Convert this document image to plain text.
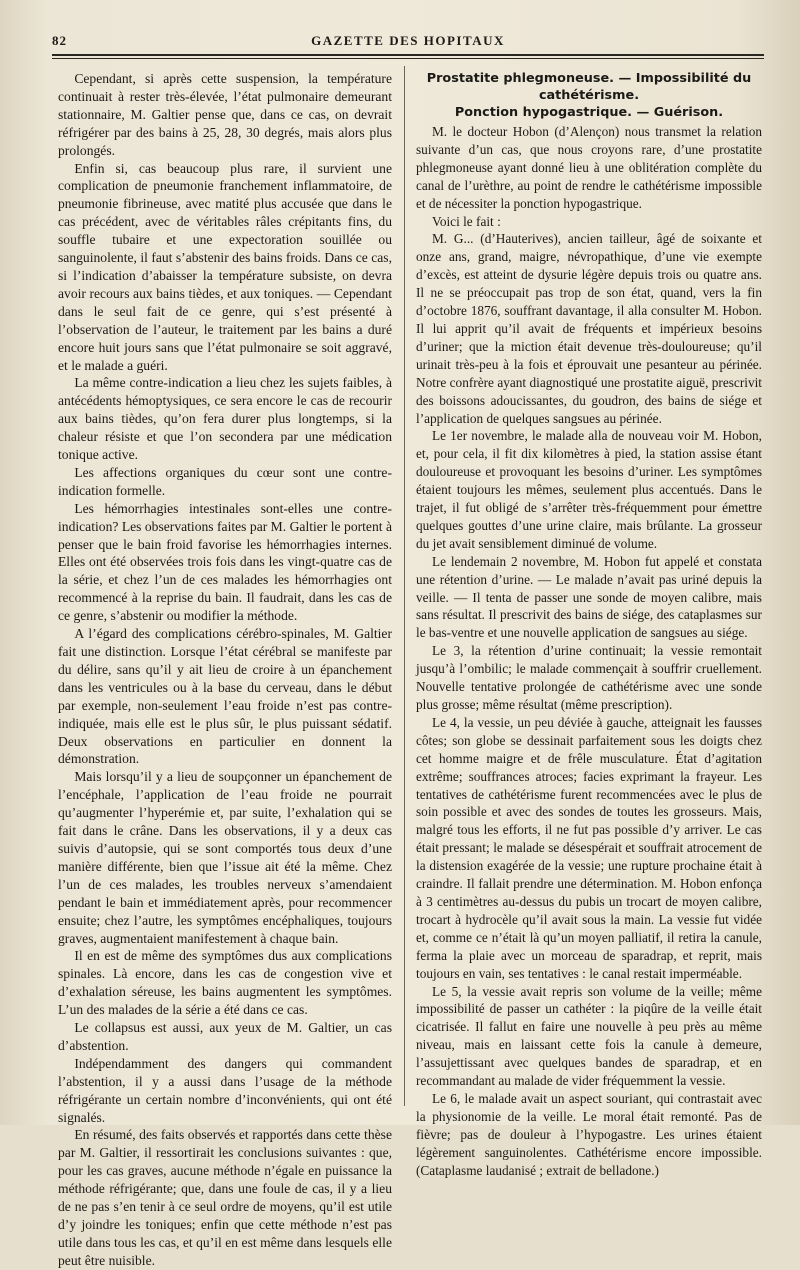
82	GAZETTE DES HOPITAUX

Cependant, si après cette suspension, la température continuait à rester très-élevée, l’état pulmonaire demeurant stationnaire, M. Galtier pense que, dans ce cas, on devrait réfrigérer par des bains à 25, 28, 30 degrés, mais alors plus prolongés.

Enfin si, cas beaucoup plus rare, il survient une complication de pneumonie franchement inflammatoire, de pneumonie fibrineuse, avec matité plus accusée que dans le cas précédent, avec de véritables râles crépitants fins, du souffle tubaire et une expectoration souillée ou sanguinolente, il faut s’abstenir des bains froids. Dans ce cas, si l’indication d’abaisser la température subsiste, on devra avoir recours aux bains tièdes, et aux toniques. — Cependant dans le seul fait de ce genre, qui s’est présenté à l’observation de l’auteur, le traitement par les bains a duré encore huit jours sans que l’état pulmonaire se soit aggravé, et le malade a guéri.

La même contre-indication a lieu chez les sujets faibles, à antécédents hémoptysiques, ce sera encore le cas de recourir aux bains tièdes, qu’on fera durer plus longtemps, si la chaleur résiste et que l’on secondera par une médication tonique active.

Les affections organiques du cœur sont une contre-indication formelle.

Les hémorrhagies intestinales sont-elles une contre-indication? Les observations faites par M. Galtier le portent à penser que le bain froid favorise les hémorrhagies internes. Elles ont été observées trois fois dans les vingt-quatre cas de la série, et chez l’un de ces malades les hémorrhagies ont recommencé à la reprise du bain. Il faudrait, dans les cas de ce genre, s’abstenir ou modifier la méthode.

A l’égard des complications cérébro-spinales, M. Galtier fait une distinction. Lorsque l’état cérébral se manifeste par du délire, sans qu’il y ait lieu de croire à un épanchement dans les ventricules ou à la base du cerveau, dans le début par exemple, non-seulement l’eau froide n’est pas contre-indiquée, mais elle est le plus sûr, le plus puissant sédatif. Deux observations en particulier en donnent la démonstration.

Mais lorsqu’il y a lieu de soupçonner un épanchement de l’encéphale, l’application de l’eau froide ne pourrait qu’augmenter l’hyperémie et, par suite, l’exhalation qui se fait dans le crâne. Dans les observations, il y a deux cas suivis d’autopsie, qui se sont comportés tous deux d’une manière différente, bien que l’issue ait été la même. Chez l’un de ces malades, les troubles nerveux s’amendaient pendant le bain et immédiatement après, pour recommencer ensuite; chez l’autre, les symptômes encéphaliques, toujours graves, augmentaient manifestement à chaque bain.

Il en est de même des symptômes dus aux complications spinales. Là encore, dans les cas de congestion vive et d’exhalation séreuse, les bains augmentent les symptômes. L’un des malades de la série a été dans ce cas.

Le collapsus est aussi, aux yeux de M. Galtier, un cas d’abstention.

Indépendamment des dangers qui commandent l’abstention, il y a aussi dans l’usage de la méthode réfrigérante un certain nombre d’inconvénients, qui ont été signalés.

En résumé, des faits observés et rapportés dans cette thèse par M. Galtier, il ressortirait les conclusions suivantes : que, pour les cas graves, aucune méthode n’égale en puissance la méthode réfrigérante; que, dans une foule de cas, il y a lieu de ne pas s’en tenir à ce seul ordre de moyens, qu’il est utile d’y joindre les toniques; enfin que cette méthode n’est pas utile dans tous les cas, et qu’il en est même dans lesquels elle peut être nuisible.

Prostatite phlegmoneuse. — Impossibilité du cathétérisme.
Ponction hypogastrique. — Guérison.

M. le docteur Hobon (d’Alençon) nous transmet la relation suivante d’un cas, que nous croyons rare, d’une prostatite phlegmoneuse ayant donné lieu à une oblitération complète du canal de l’urèthre, au point de rendre le cathétérisme impossible et de nécessiter la ponction hypogastrique.

Voici le fait :

M. G... (d’Hauterives), ancien tailleur, âgé de soixante et onze ans, grand, maigre, névropathique, d’une vie exempte d’excès, est atteint de dysurie légère depuis trois ou quatre ans. Il ne se préoccupait pas trop de son état, quand, vers la fin d’octobre 1876, souffrant davantage, il alla consulter M. Hobon. Il lui apprit qu’il avait de fréquents et impérieux besoins d’uriner; que la miction était devenue très-douloureuse; qu’il urinait très-peu à la fois et éprouvait une pesanteur au périnée. Notre confrère ayant diagnostiqué une prostatite aiguë, prescrivit des boissons adoucissantes, du goudron, des bains de siége et l’application de quelques sangsues au périnée.

Le 1er novembre, le malade alla de nouveau voir M. Hobon, et, pour cela, il fit dix kilomètres à pied, la station assise étant douloureuse et provoquant les besoins d’uriner. Les symptômes étaient toujours les mêmes, seulement plus accentués. Dans le trajet, il fut obligé de s’arrêter très-fréquemment pour émettre quelques gouttes d’une urine claire, mais brûlante. La grosseur du jet avait sensiblement diminué de volume.

Le lendemain 2 novembre, M. Hobon fut appelé et constata une rétention d’urine. — Le malade n’avait pas uriné depuis la veille. — Il tenta de passer une sonde de moyen calibre, mais sans résultat. Il prescrivit des bains de siége, des cataplasmes sur le bas-ventre et une nouvelle application de sangsues au siége.

Le 3, la rétention d’urine continuait; la vessie remontait jusqu’à l’ombilic; le malade commençait à souffrir cruellement. Nouvelle tentative prolongée de cathétérisme avec une sonde plus grosse; même résultat (même prescription).

Le 4, la vessie, un peu déviée à gauche, atteignait les fausses côtes; son globe se dessinait parfaitement sous les doigts chez cet homme maigre et de frêle musculature. État d’agitation extrême; souffrances atroces; facies exprimant la frayeur. Les tentatives de cathétérisme furent recommencées avec le plus de soin possible et avec des sondes de toutes les grosseurs. Mais, malgré tous les efforts, il ne fut pas possible d’y arriver. Le cas était pressant; le malade se désespérait et souffrait atrocement de la distension exagérée de la vessie; une rupture prochaine était à craindre. Il fallait prendre une détermination. M. Hobon enfonça à 3 centimètres au-dessus du pubis un trocart de moyen calibre, trocart à hydrocèle qu’il avait sous la main. La vessie fut vidée et, comme ce n’était là qu’un moyen palliatif, il retira la canule, ferma la plaie avec un morceau de sparadrap, et reprit, mais toujours en vain, ses tentatives : le canal restait imperméable.

Le 5, la vessie avait repris son volume de la veille; même impossibilité de passer un cathéter : la piqûre de la veille était cicatrisée. Il fallut en faire une nouvelle à peu près au même niveau, mais en laissant cette fois la canule à demeure, l’assujettissant avec quelques bandes de sparadrap, et en recommandant au malade de vider fréquemment la vessie.

Le 6, le malade avait un aspect souriant, qui contrastait avec la physionomie de la veille. Le moral était remonté. Pas de fièvre; pas de douleur à l’hypogastre. Les urines étaient légèrement sanguinolentes. Cathétérisme encore impossible. (Cataplasme laudanisé ; extrait de belladone.)
